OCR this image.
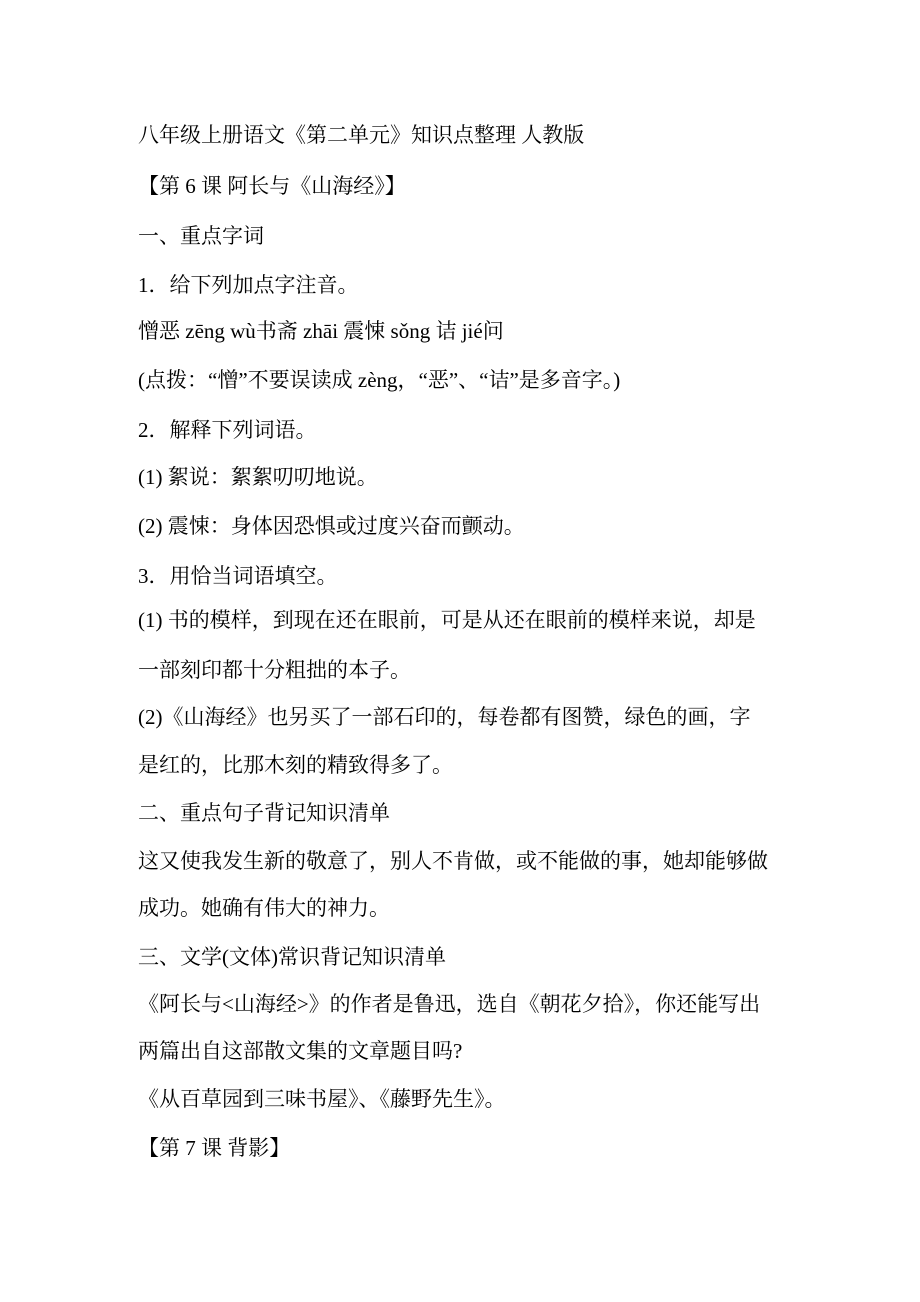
八年级上册语文《第二单元》知识点整理 人教版
【第 6 课 阿长与《山海经》】
一、重点字词
1．给下列加点字注音。
憎恶 zēng wù书斋 zhāi 震悚 sǒng 诘 jié问
(点拨：“憎”不要误读成 zèng，“恶”、“诘”是多音字。)
2．解释下列词语。
(1) 絮说：絮絮叨叨地说。
(2) 震悚：身体因恐惧或过度兴奋而颤动。
3．用恰当词语填空。
(1) 书的模样，到现在还在眼前，可是从还在眼前的模样来说，却是
一部刻印都十分粗拙的本子。
(2)《山海经》也另买了一部石印的，每卷都有图赞，绿色的画，字
是红的，比那木刻的精致得多了。
二、重点句子背记知识清单
这又使我发生新的敬意了，别人不肯做，或不能做的事，她却能够做
成功。她确有伟大的神力。
三、文学(文体)常识背记知识清单
《阿长与<山海经>》的作者是鲁迅，选自《朝花夕拾》，你还能写出
两篇出自这部散文集的文章题目吗?
《从百草园到三味书屋》、《藤野先生》。
【第 7 课 背影】
